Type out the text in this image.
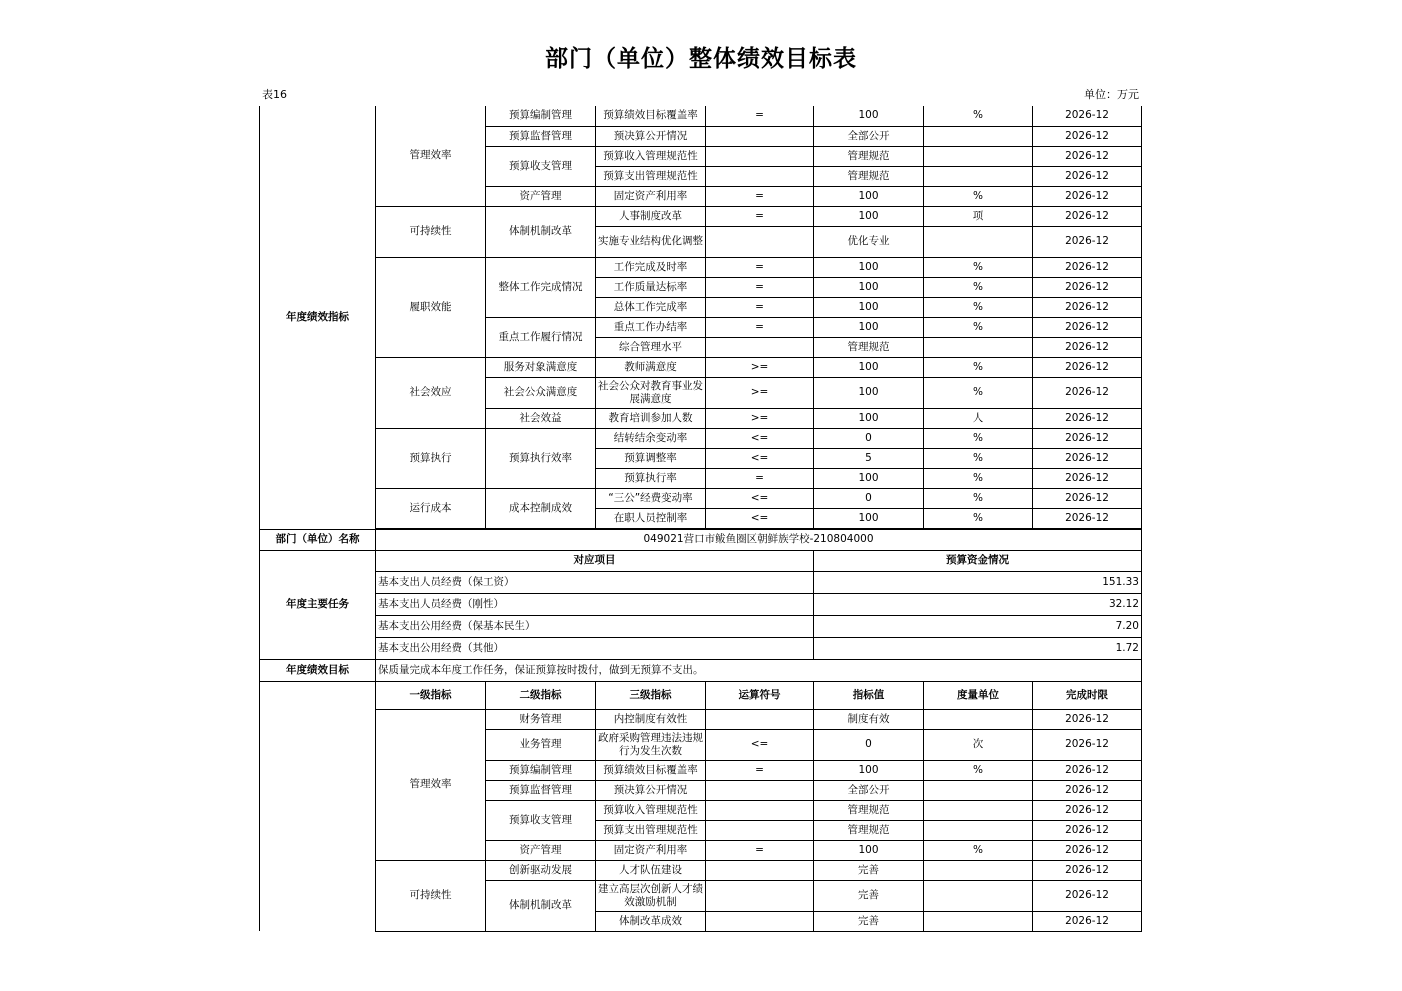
部门（单位）整体绩效目标表
表16	单位：万元
年度绩效指标	管理效率	预算编制管理	预算绩效目标覆盖率	=	100	%	2026-12
		预算监督管理	预决算公开情况		全部公开		2026-12
		预算收支管理	预算收入管理规范性		管理规范		2026-12
			预算支出管理规范性		管理规范		2026-12
		资产管理	固定资产利用率	=	100	%	2026-12
	可持续性	体制机制改革	人事制度改革	=	100	项	2026-12
			实施专业结构优化调整		优化专业		2026-12
	履职效能	整体工作完成情况	工作完成及时率	=	100	%	2026-12
			工作质量达标率	=	100	%	2026-12
			总体工作完成率	=	100	%	2026-12
		重点工作履行情况	重点工作办结率	=	100	%	2026-12
			综合管理水平		管理规范		2026-12
	社会效应	服务对象满意度	教师满意度	>=	100	%	2026-12
		社会公众满意度	社会公众对教育事业发展满意度	>=	100	%	2026-12
		社会效益	教育培训参加人数	>=	100	人	2026-12
	预算执行	预算执行效率	结转结余变动率	<=	0	%	2026-12
			预算调整率	<=	5	%	2026-12
			预算执行率	=	100	%	2026-12
	运行成本	成本控制成效	“三公”经费变动率	<=	0	%	2026-12
			在职人员控制率	<=	100	%	2026-12

部门（单位）名称	049021营口市鲅鱼圈区朝鲜族学校-210804000						
年度主要任务	对应项目				预算资金情况		
	基本支出人员经费（保工资）				151.33		
	基本支出人员经费（刚性）				32.12		
	基本支出公用经费（保基本民生）				7.20		
	基本支出公用经费（其他）				1.72		
年度绩效目标	保质量完成本年度工作任务，保证预算按时拨付，做到无预算不支出。						
	一级指标	二级指标	三级指标	运算符号	指标值	度量单位	完成时限
	管理效率	财务管理	内控制度有效性		制度有效		2026-12
		业务管理	政府采购管理违法违规行为发生次数	<=	0	次	2026-12
		预算编制管理	预算绩效目标覆盖率	=	100	%	2026-12
		预算监督管理	预决算公开情况		全部公开		2026-12
		预算收支管理	预算收入管理规范性		管理规范		2026-12
			预算支出管理规范性		管理规范		2026-12
		资产管理	固定资产利用率	=	100	%	2026-12
	可持续性	创新驱动发展	人才队伍建设		完善		2026-12
		体制机制改革	建立高层次创新人才绩效激励机制		完善		2026-12
			体制改革成效		完善		2026-12
